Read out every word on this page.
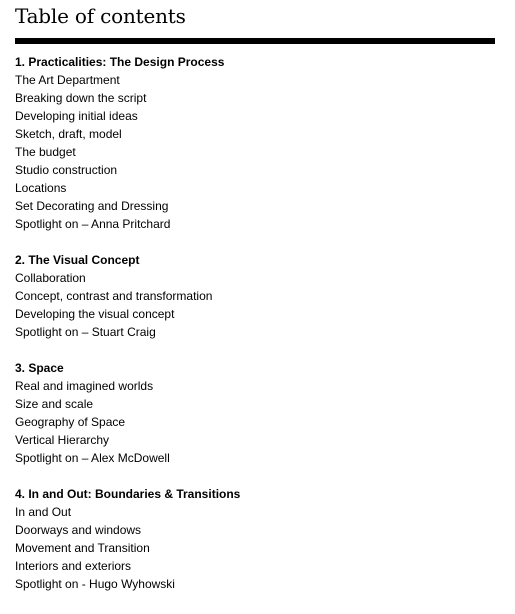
Table of contents
1. Practicalities: The Design Process
The Art Department
Breaking down the script
Developing initial ideas
Sketch, draft, model
The budget
Studio construction
Locations
Set Decorating and Dressing
Spotlight on – Anna Pritchard
2. The Visual Concept
Collaboration
Concept, contrast and transformation
Developing the visual concept
Spotlight on – Stuart Craig
3. Space
Real and imagined worlds
Size and scale
Geography of Space
Vertical Hierarchy
Spotlight on – Alex McDowell
4. In and Out: Boundaries & Transitions
In and Out
Doorways and windows
Movement and Transition
Interiors and exteriors
Spotlight on - Hugo Wyhowski
